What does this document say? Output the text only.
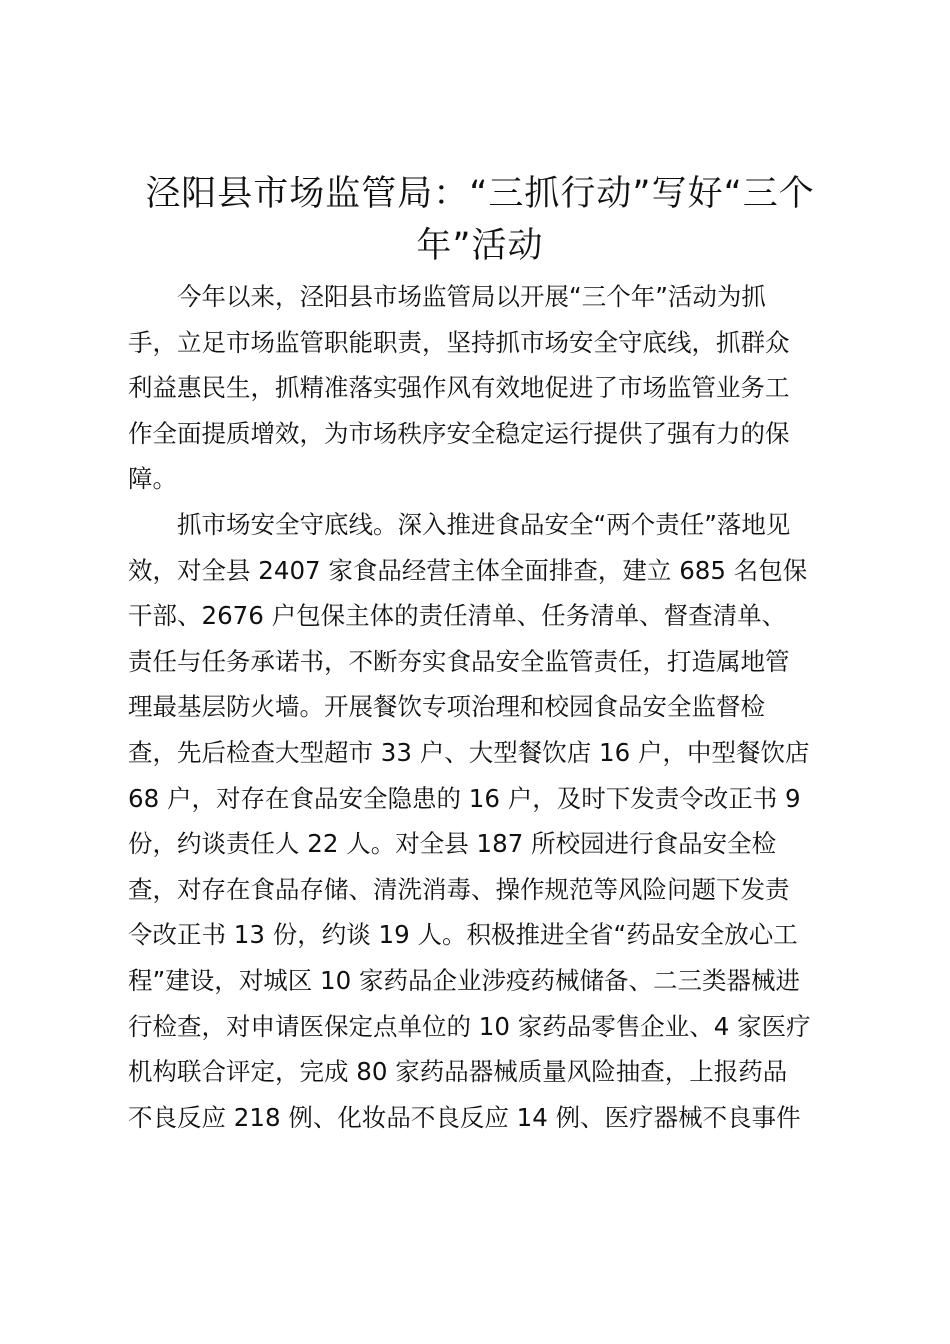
泾阳县市场监管局：“三抓行动”写好“三个
年”活动
今年以来，泾阳县市场监管局以开展“三个年”活动为抓
手，立足市场监管职能职责，坚持抓市场安全守底线，抓群众
利益惠民生，抓精准落实强作风有效地促进了市场监管业务工
作全面提质增效，为市场秩序安全稳定运行提供了强有力的保
障。
抓市场安全守底线。深入推进食品安全“两个责任”落地见
效，对全县 2407 家食品经营主体全面排查，建立 685 名包保
干部、2676 户包保主体的责任清单、任务清单、督查清单、
责任与任务承诺书，不断夯实食品安全监管责任，打造属地管
理最基层防火墙。开展餐饮专项治理和校园食品安全监督检
查，先后检查大型超市 33 户、大型餐饮店 16 户，中型餐饮店
68 户，对存在食品安全隐患的 16 户，及时下发责令改正书 9
份，约谈责任人 22 人。对全县 187 所校园进行食品安全检
查，对存在食品存储、清洗消毒、操作规范等风险问题下发责
令改正书 13 份，约谈 19 人。积极推进全省“药品安全放心工
程”建设，对城区 10 家药品企业涉疫药械储备、二三类器械进
行检查，对申请医保定点单位的 10 家药品零售企业、4 家医疗
机构联合评定，完成 80 家药品器械质量风险抽查，上报药品
不良反应 218 例、化妆品不良反应 14 例、医疗器械不良事件
